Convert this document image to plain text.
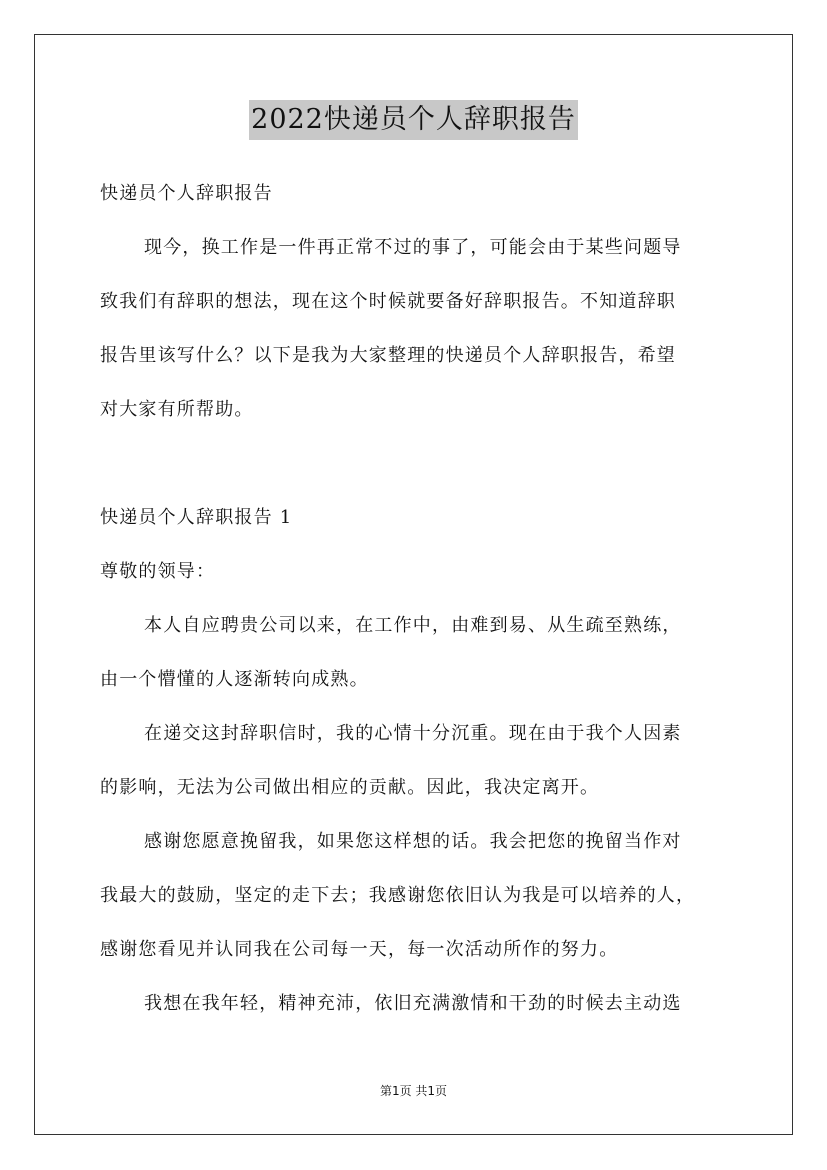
2022快递员个人辞职报告
快递员个人辞职报告
现今，换工作是一件再正常不过的事了，可能会由于某些问题导
致我们有辞职的想法，现在这个时候就要备好辞职报告。不知道辞职
报告里该写什么？以下是我为大家整理的快递员个人辞职报告，希望
对大家有所帮助。
快递员个人辞职报告 1
尊敬的领导：
本人自应聘贵公司以来，在工作中，由难到易、从生疏至熟练，
由一个懵懂的人逐渐转向成熟。
在递交这封辞职信时，我的心情十分沉重。现在由于我个人因素
的影响，无法为公司做出相应的贡献。因此，我决定离开。
感谢您愿意挽留我，如果您这样想的话。我会把您的挽留当作对
我最大的鼓励，坚定的走下去；我感谢您依旧认为我是可以培养的人，
感谢您看见并认同我在公司每一天，每一次活动所作的努力。
我想在我年轻，精神充沛，依旧充满激情和干劲的时候去主动选
第1页 共1页
